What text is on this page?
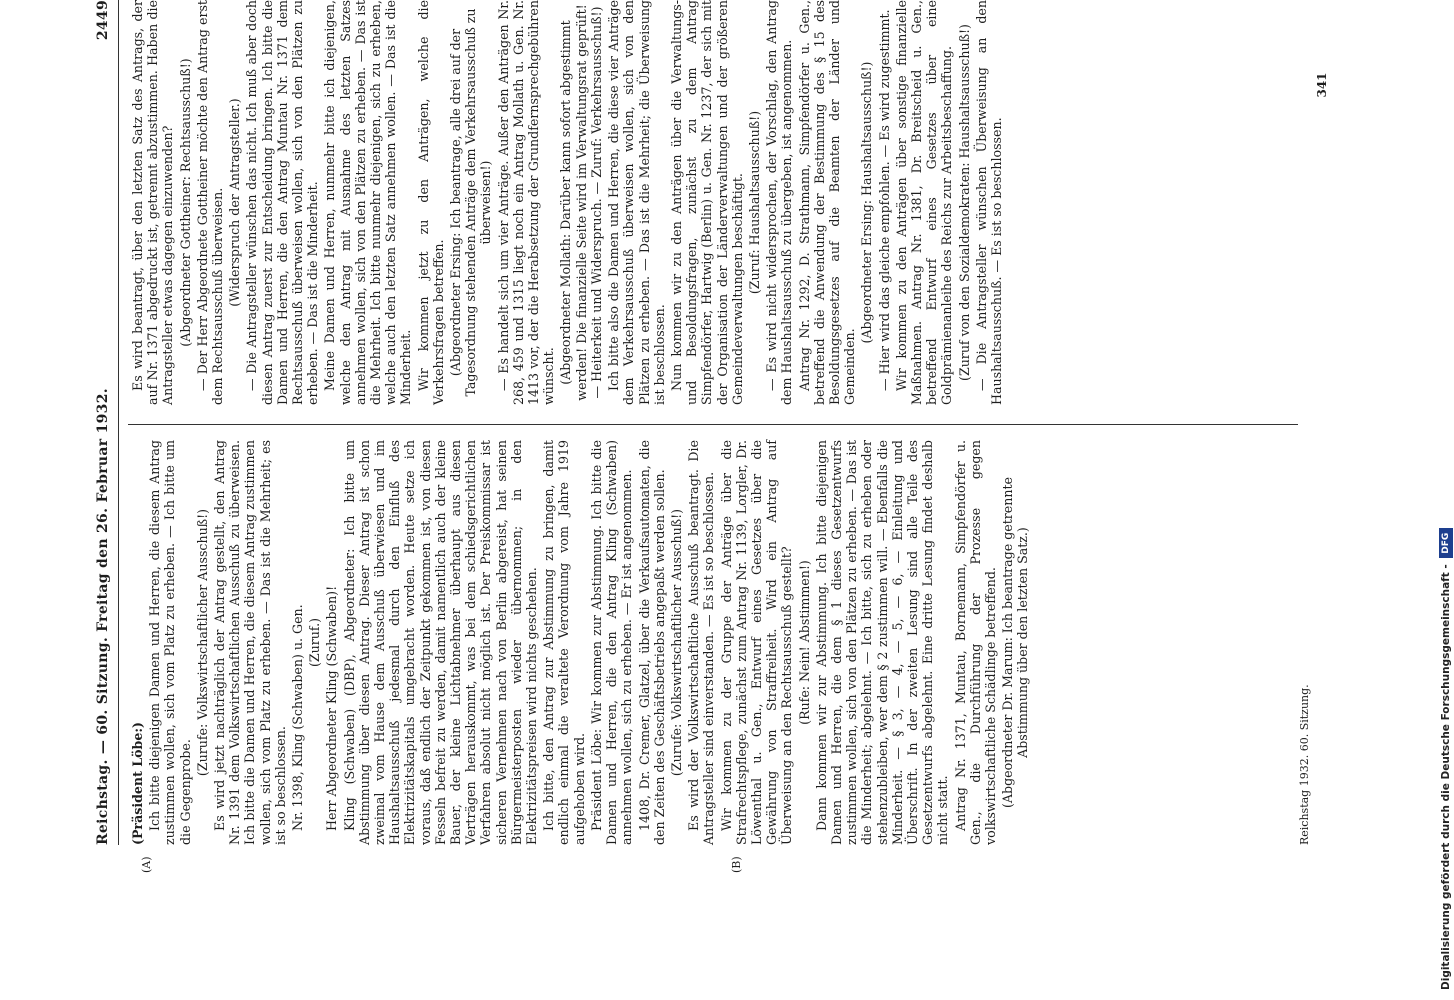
Reichstag. — 60. Sitzung. Freitag den 26. Februar 1932.
2449
(A)	(B)

(Präsident Löbe:) Ich bitte diejenigen Damen und Herren, die diesem Antrag zustimmen wollen, sich vom Platz zu erheben. — Ich bitte um die Gegenprobe.

(Zurufe: Volkswirtschaftlicher Ausschuß!) Es wird jetzt nachträglich der Antrag gestellt, den Antrag Nr. 1391 dem Volkswirtschaftlichen Ausschuß zu überweisen. Ich bitte die Damen und Herren, die diesem Antrag zustimmen wollen, sich vom Platz zu erheben. — Das ist die Mehrheit; es ist so beschlossen. Nr. 1398, Kling (Schwaben) u. Gen. (Zuruf.) Herr Abgeordneter Kling (Schwaben)! Kling (Schwaben) (DBP), Abgeordneter: Ich bitte um Abstimmung über diesen Antrag. Dieser Antrag ist schon zweimal vom Hause dem Ausschuß überwiesen und im Haushaltsausschuß jedesmal durch den Einfluß des Elektrizitätskapitals umgebracht worden. Heute setze ich voraus, daß endlich der Zeitpunkt gekommen ist, von diesen Fesseln befreit zu werden, damit namentlich auch der kleine Bauer, der kleine Lichtabnehmer überhaupt aus diesen Verträgen herauskommt, was bei dem schiedsgerichtlichen Verfahren absolut nicht möglich ist. Der Preiskommissar ist sicheren Vernehmen nach von Berlin abgereist, hat seinen Bürgermeisterposten wieder übernommen; in den Elektrizitätspreisen wird nichts geschehen. Ich bitte, den Antrag zur Abstimmung zu bringen, damit endlich einmal die veraltete Verordnung vom Jahre 1919 aufgehoben wird. Präsident Löbe: Wir kommen zur Abstimmung. Ich bitte die Damen und Herren, die den Antrag Kling (Schwaben) annehmen wollen, sich zu erheben. — Er ist angenommen. 1408, Dr. Cremer, Glatzel, über die Verkaufsautomaten, die den Zeiten des Geschäftsbetriebs angepaßt werden sollen. (Zurufe: Volkswirtschaftlicher Ausschuß!) Es wird der Volkswirtschaftliche Ausschuß beantragt. Die Antragsteller sind einverstanden. — Es ist so beschlossen. Wir kommen zu der Gruppe der Anträge über die Strafrechtspflege, zunächst zum Antrag Nr. 1139, Lorgler, Dr. Löwenthal u. Gen., Entwurf eines Gesetzes über die Gewährung von Straffreiheit. Wird ein Antrag auf Überweisung an den Rechtsausschuß gestellt? (Rufe: Nein! Abstimmen!) Dann kommen wir zur Abstimmung. Ich bitte diejenigen Damen und Herren, die dem § 1 dieses Gesetzentwurfs zustimmen wollen, sich von den Plätzen zu erheben. — Das ist die Minderheit; abgelehnt. — Ich bitte, sich zu erheben oder stehenzubleiben, wer dem § 2 zustimmen will. — Ebenfalls die Minderheit. — § 3, — 4, — 5, — 6, — Einleitung und Überschrift. In der zweiten Lesung sind alle Teile des Gesetzentwurfs abgelehnt. Eine dritte Lesung findet deshalb nicht statt. Antrag Nr. 1371, Muntau, Bornemann, Simpfendörfer u. Gen., die Durchführung der Prozesse gegen volkswirtschaftliche Schädlinge betreffend. (Abgeordneter Dr. Marum: Ich beantrage getrennte Abstimmung über den letzten Satz.)

Es wird beantragt, über den letzten Satz des Antrags, der auf Nr. 1371 abgedruckt ist, getrennt abzustimmen. Haben die Antragsteller etwas dagegen einzuwenden? (Abgeordneter Gottheiner: Rechtsausschuß!) — Der Herr Abgeordnete Gottheiner möchte den Antrag erst dem Rechtsausschuß überweisen. (Widerspruch der Antragsteller.) — Die Antragsteller wünschen das nicht. Ich muß aber doch diesen Antrag zuerst zur Entscheidung bringen. Ich bitte die Damen und Herren, die den Antrag Muntau Nr. 1371 dem Rechtsausschuß überweisen wollen, sich von den Plätzen zu erheben. — Das ist die Minderheit. Meine Damen und Herren, nunmehr bitte ich diejenigen, welche den Antrag mit Ausnahme des letzten Satzes annehmen wollen, sich von den Plätzen zu erheben. — Das ist die Mehrheit. Ich bitte nunmehr diejenigen, sich zu erheben, welche auch den letzten Satz annehmen wollen. — Das ist die Minderheit. Wir kommen jetzt zu den Anträgen, welche die Verkehrsfragen betreffen. (Abgeordneter Ersing: Ich beantrage, alle drei auf der Tagesordnung stehenden Anträge dem Verkehrsausschuß zu überweisen!) — Es handelt sich um vier Anträge. Außer den Anträgen Nr. 268, 459 und 1315 liegt noch ein Antrag Mollath u. Gen. Nr. 1413 vor, der die Herabsetzung der Grundfernsprechgebühren wünscht. (Abgeordneter Mollath: Darüber kann sofort abgestimmt werden! Die finanzielle Seite wird im Verwaltungsrat geprüft! — Heiterkeit und Widerspruch. — Zuruf: Verkehrsausschuß!) Ich bitte also die Damen und Herren, die diese vier Anträge dem Verkehrsausschuß überweisen wollen, sich von den Plätzen zu erheben. — Das ist die Mehrheit; die Überweisung ist beschlossen. Nun kommen wir zu den Anträgen über die Verwaltungs- und Besoldungsfragen, zunächst zu dem Antrag Simpfendörfer, Hartwig (Berlin) u. Gen. Nr. 1237, der sich mit der Organisation der Länderverwaltungen und der größeren Gemeindeverwaltungen beschäftigt. (Zuruf: Haushaltsausschuß!) — Es wird nicht widersprochen, der Vorschlag, den Antrag dem Haushaltsausschuß zu übergeben, ist angenommen. Antrag Nr. 1292, D. Strathmann, Simpfendörfer u. Gen., betreffend die Anwendung der Bestimmung des § 15 des Besoldungsgesetzes auf die Beamten der Länder und Gemeinden.

(Abgeordneter Ersing: Haushaltsausschuß!) — Hier wird das gleiche empfohlen. — Es wird zugestimmt. Wir kommen zu den Anträgen über sonstige finanzielle Maßnahmen. Antrag Nr. 1381, Dr. Breitscheid u. Gen., betreffend Entwurf eines Gesetzes über eine Goldprämienanleihe des Reichs zur Arbeitsbeschaffung. (Zuruf von den Sozialdemokraten: Haushaltsausschuß!) — Die Antragsteller wünschen Überweisung an den Haushaltsausschuß. — Es ist so beschlossen.

Reichstag 1932. 60. Sitzung.
341
Digitalisierung gefördert durch die Deutsche Forschungsgemeinschaft -
DFG
